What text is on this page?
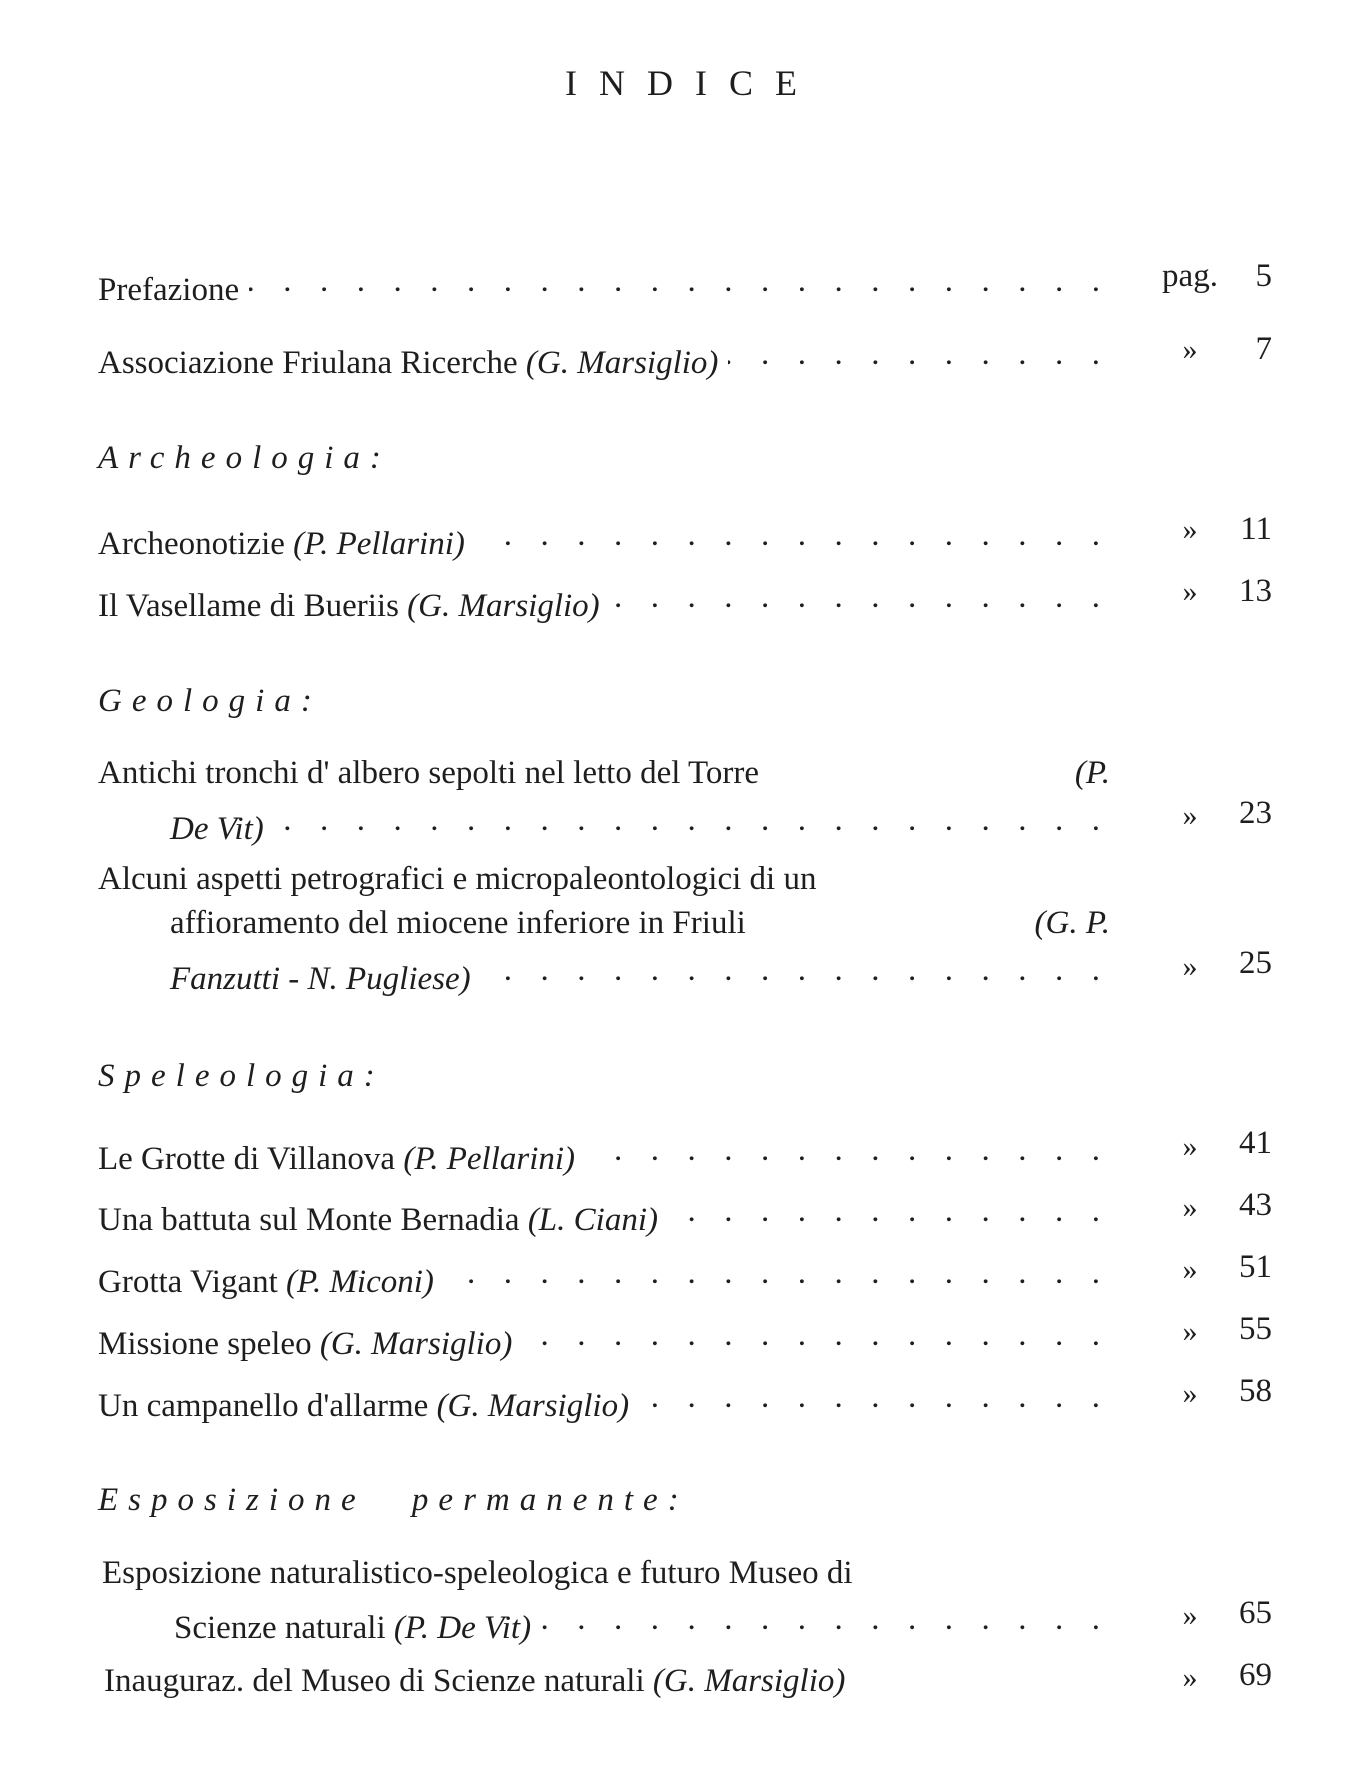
INDICE
Prefazione . .	pag.	5
Associazione Friulana Ricerche (G. Marsiglio) . .	»	7
Archeologia:
Archeonotizie (P. Pellarini) . .	»	11
Il Vasellame di Bueriis (G. Marsiglio) . .	»	13
Geologia:
Antichi tronchi d' albero sepolti nel letto del Torre	(P.
De Vit) . .	»	23
Alcuni aspetti petrografici e micropaleontologici di un
affioramento del miocene inferiore in Friuli	(G. P.
Fanzutti - N. Pugliese) . .	»	25
Speleologia:
Le Grotte di Villanova (P. Pellarini) . .	»	41
Una battuta sul Monte Bernadia (L. Ciani) . .	»	43
Grotta Vigant (P. Miconi) . .	»	51
Missione speleo (G. Marsiglio) . .	»	55
Un campanello d'allarme (G. Marsiglio) . .	»	58
Esposizione permanente:
Esposizione naturalistico-speleologica e futuro Museo di
Scienze naturali (P. De Vit) . .	»	65
Inauguraz. del Museo di Scienze naturali (G. Marsiglio)	»	69
